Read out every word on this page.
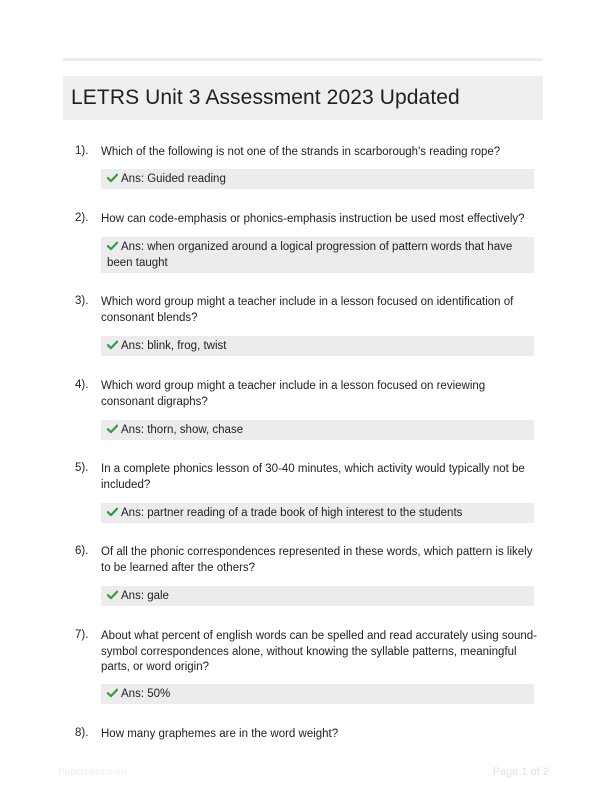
LETRS Unit 3 Assessment 2023 Updated
1). Which of the following is not one of the strands in scarborough's reading rope?
Ans: Guided reading
2). How can code-emphasis or phonics-emphasis instruction be used most effectively?
Ans: when organized around a logical progression of pattern words that have been taught
3). Which word group might a teacher include in a lesson focused on identification of consonant blends?
Ans: blink, frog, twist
4). Which word group might a teacher include in a lesson focused on reviewing consonant digraphs?
Ans: thorn, show, chase
5). In a complete phonics lesson of 30-40 minutes, which activity would typically not be included?
Ans: partner reading of a trade book of high interest to the students
6). Of all the phonic correspondences represented in these words, which pattern is likely to be learned after the others?
Ans: gale
7). About what percent of english words can be spelled and read accurately using sound-symbol correspondences alone, without knowing the syllable patterns, meaningful parts, or word origin?
Ans: 50%
8). How many graphemes are in the word weight?
Paperbliss.com	Page 1 of 2
